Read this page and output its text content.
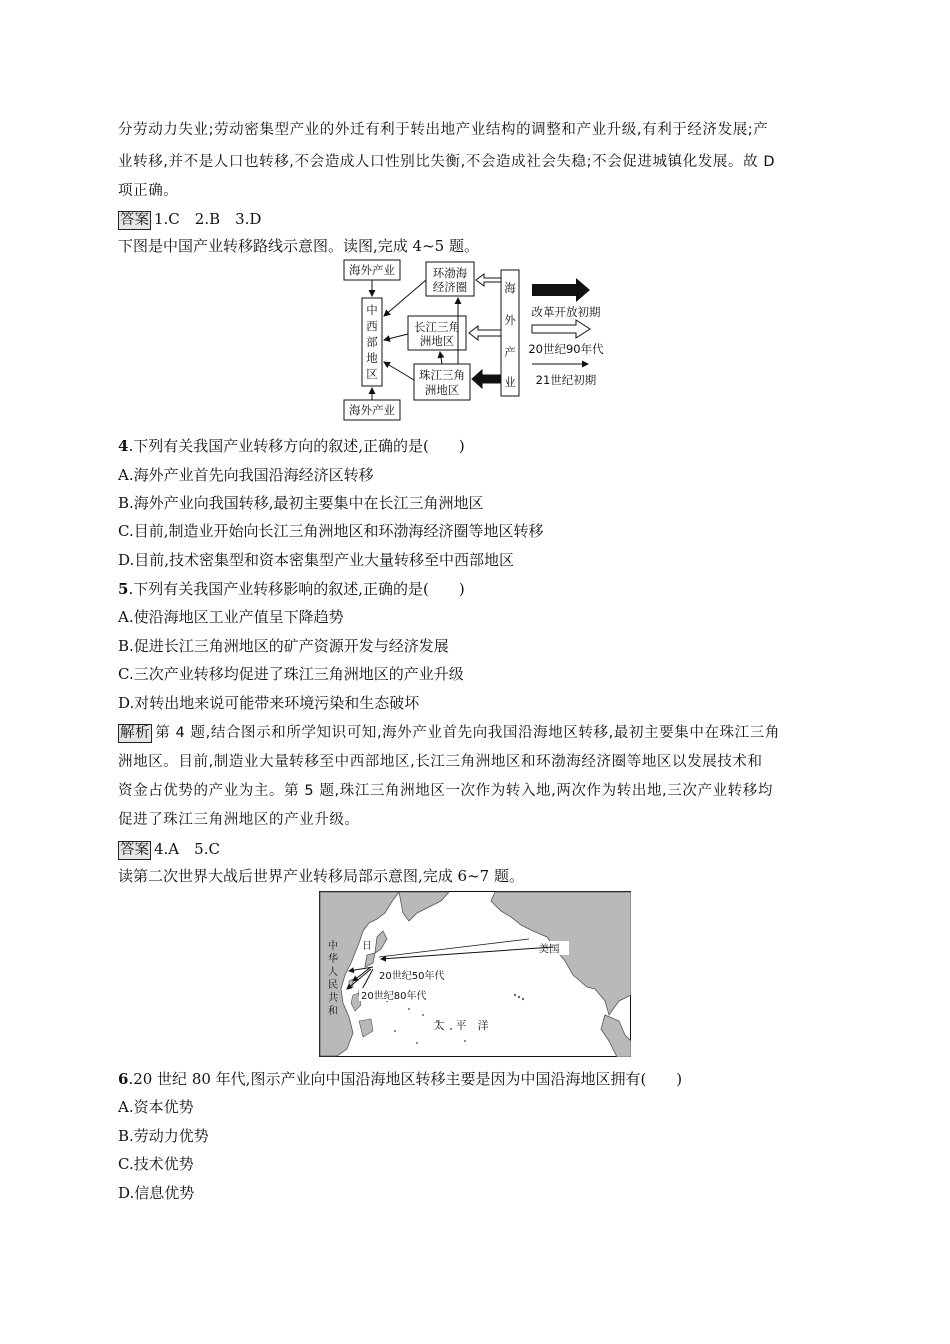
分劳动力失业;劳动密集型产业的外迁有利于转出地产业结构的调整和产业升级,有利于经济发展;产
业转移,并不是人口也转移,不会造成人口性别比失衡,不会造成社会失稳;不会促进城镇化发展。故 D
项正确。
答案 1.C　2.B　3.D
下图是中国产业转移路线示意图。读图,完成 4~5 题。
海外产业
海外产业
中
西
部
地
区
环渤海
经济圈
长江三角
洲地区
珠江三角
洲地区
海
外
产
业
改革开放初期
20世纪90年代
21世纪初期
4.下列有关我国产业转移方向的叙述,正确的是(　　)
A.海外产业首先向我国沿海经济区转移
B.海外产业向我国转移,最初主要集中在长江三角洲地区
C.目前,制造业开始向长江三角洲地区和环渤海经济圈等地区转移
D.目前,技术密集型和资本密集型产业大量转移至中西部地区
5.下列有关我国产业转移影响的叙述,正确的是(　　)
A.使沿海地区工业产值呈下降趋势
B.促进长江三角洲地区的矿产资源开发与经济发展
C.三次产业转移均促进了珠江三角洲地区的产业升级
D.对转出地来说可能带来环境污染和生态破坏
解析 第 4 题,结合图示和所学知识可知,海外产业首先向我国沿海地区转移,最初主要集中在珠江三角
洲地区。目前,制造业大量转移至中西部地区,长江三角洲地区和环渤海经济圈等地区以发展技术和
资金占优势的产业为主。第 5 题,珠江三角洲地区一次作为转入地,两次作为转出地,三次产业转移均
促进了珠江三角洲地区的产业升级。
答案 4.A　5.C
读第二次世界大战后世界产业转移局部示意图,完成 6~7 题。
美国
中
华
人
民
共
和
日
20世纪50年代
20世纪80年代
太　平　洋
6.20 世纪 80 年代,图示产业向中国沿海地区转移主要是因为中国沿海地区拥有(　　)
A.资本优势
B.劳动力优势
C.技术优势
D.信息优势
